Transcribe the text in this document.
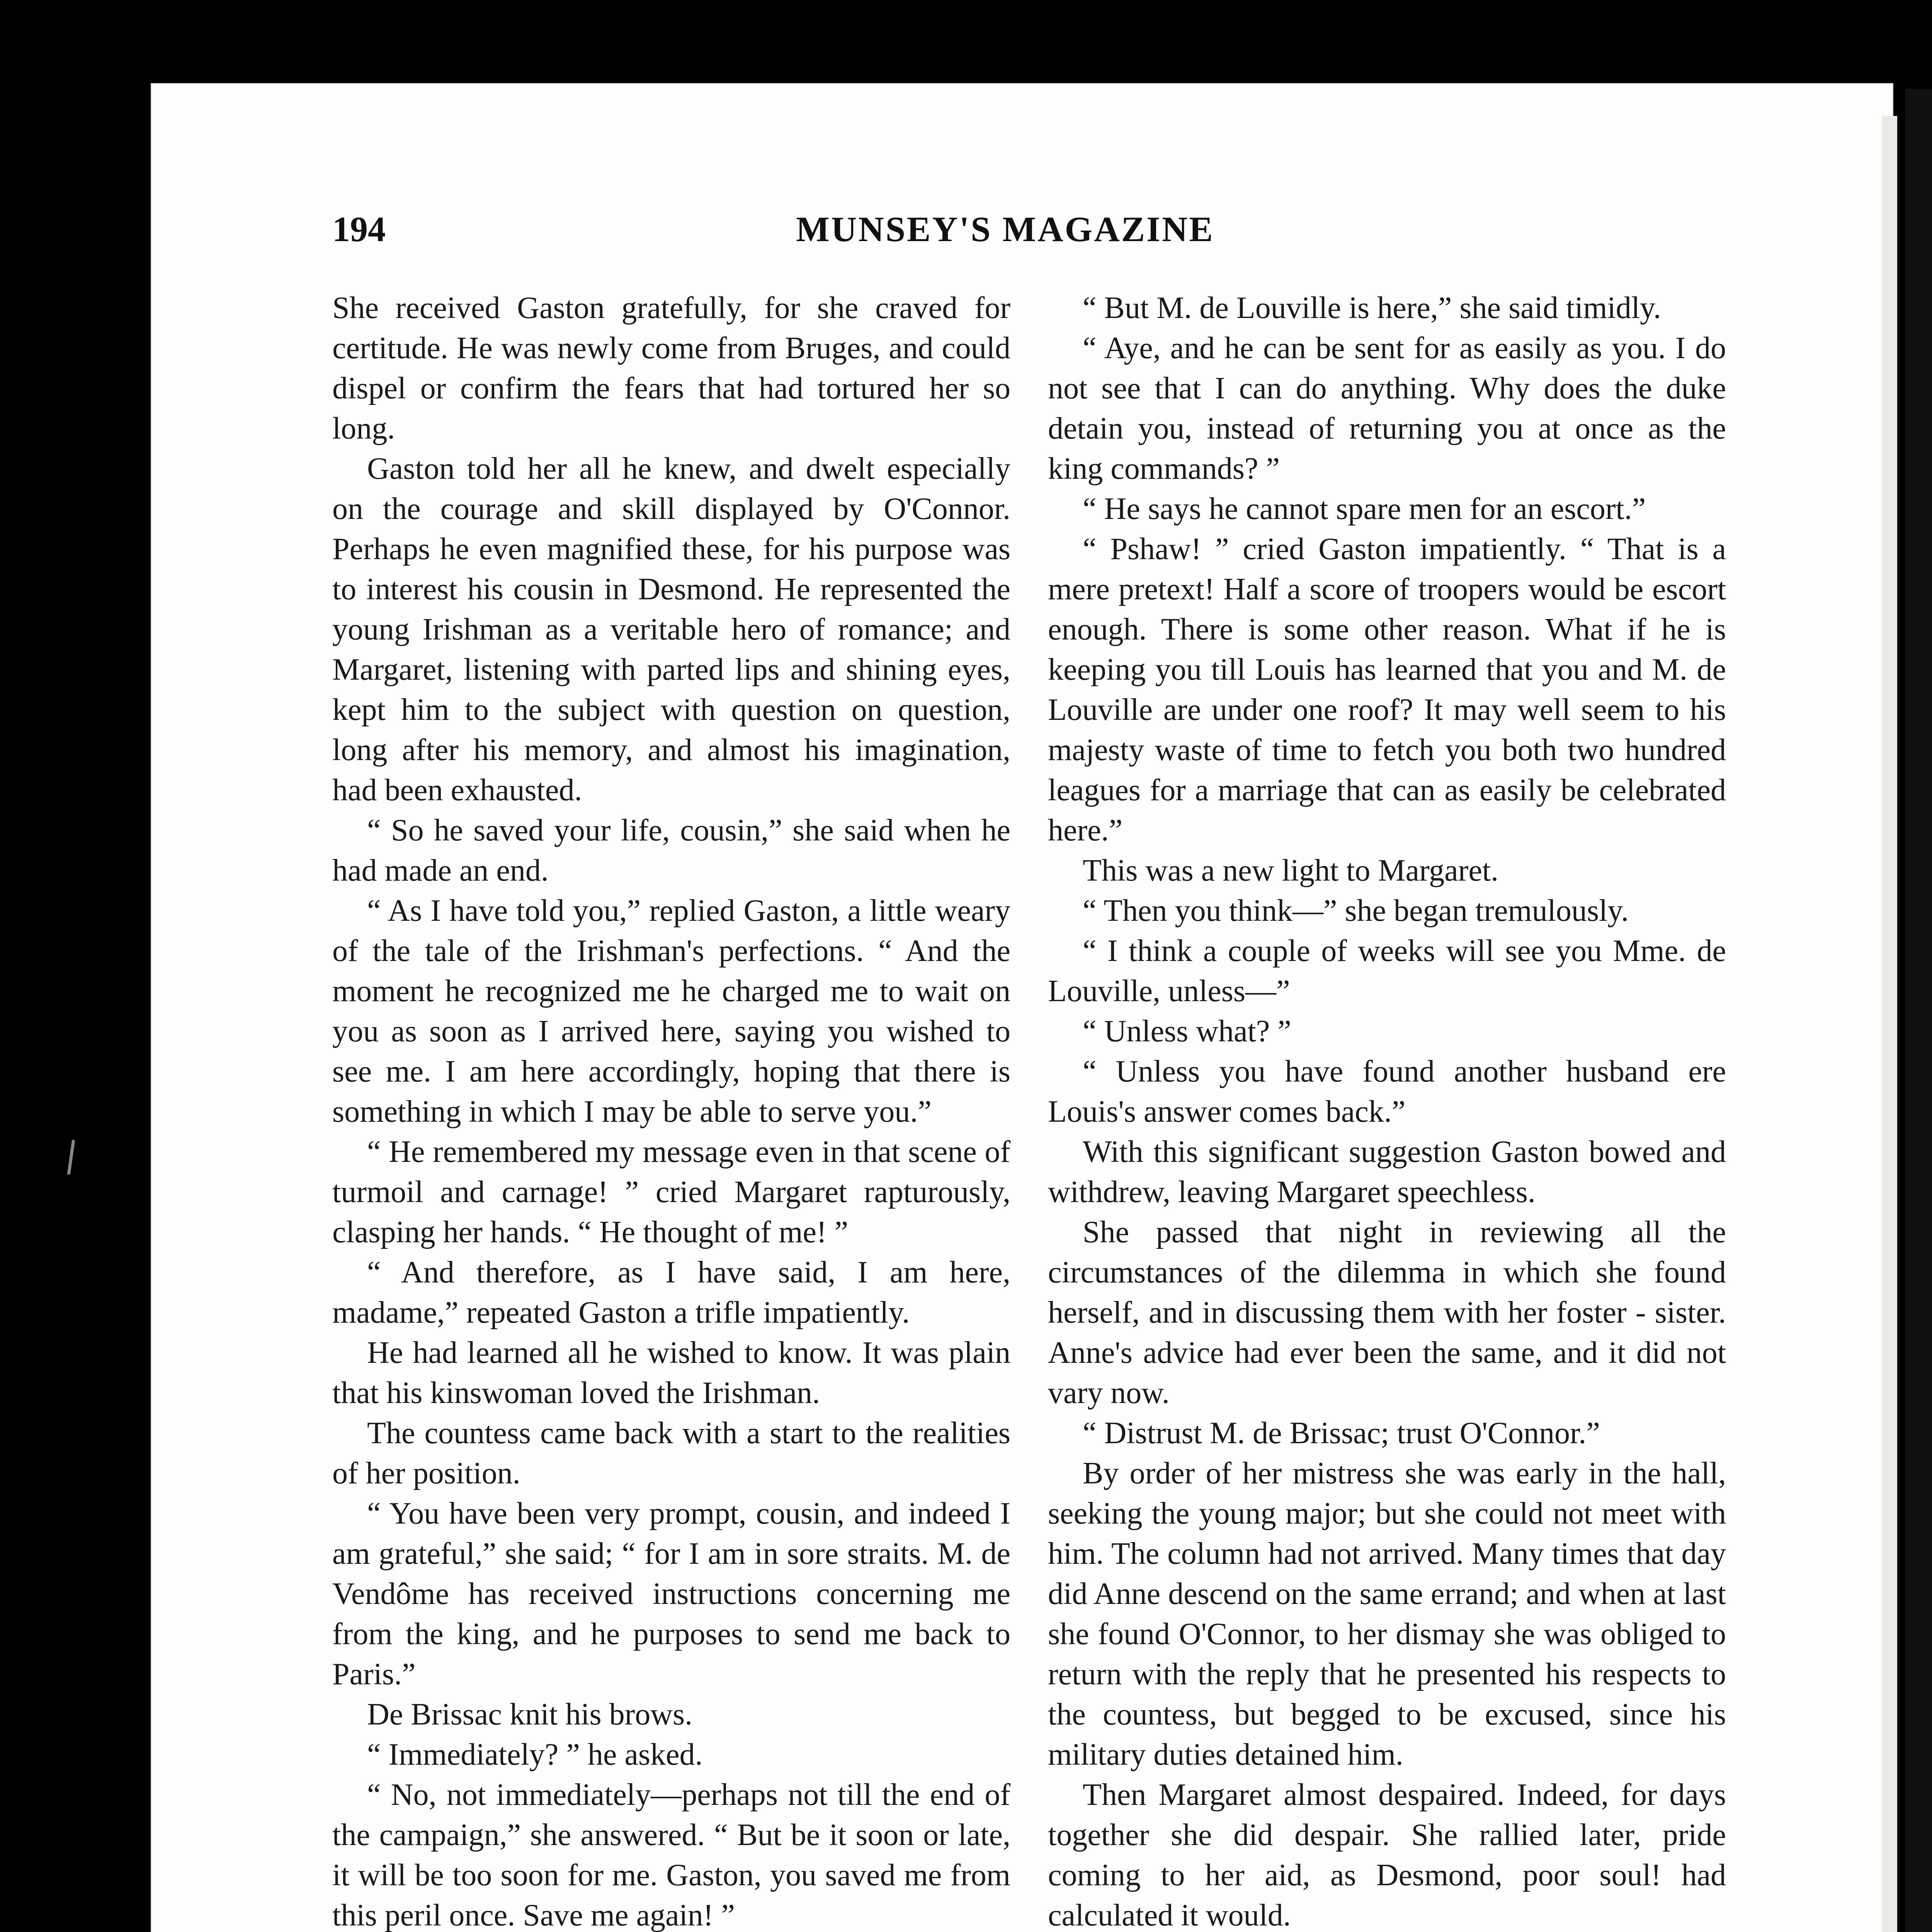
194	MUNSEY'S MAGAZINE

She received Gaston gratefully, for she craved for certitude. He was newly come from Bruges, and could dispel or confirm the fears that had tortured her so long.

Gaston told her all he knew, and dwelt especially on the courage and skill displayed by O'Connor. Perhaps he even magnified these, for his purpose was to interest his cousin in Desmond. He represented the young Irishman as a veritable hero of romance; and Margaret, listening with parted lips and shining eyes, kept him to the subject with question on question, long after his memory, and almost his imagination, had been exhausted.

“ So he saved your life, cousin,” she said when he had made an end.

“ As I have told you,” replied Gaston, a little weary of the tale of the Irishman's perfections. “ And the moment he recognized me he charged me to wait on you as soon as I arrived here, saying you wished to see me. I am here accordingly, hoping that there is something in which I may be able to serve you.”

“ He remembered my message even in that scene of turmoil and carnage! ” cried Margaret rapturously, clasping her hands. “ He thought of me! ”

“ And therefore, as I have said, I am here, madame,” repeated Gaston a trifle impatiently.

He had learned all he wished to know. It was plain that his kinswoman loved the Irishman.

The countess came back with a start to the realities of her position.

“ You have been very prompt, cousin, and indeed I am grateful,” she said; “ for I am in sore straits. M. de Vendôme has received instructions concerning me from the king, and he purposes to send me back to Paris.”

De Brissac knit his brows.

“ Immediately? ” he asked.

“ No, not immediately—perhaps not till the end of the campaign,” she answered. “ But be it soon or late, it will be too soon for me. Gaston, you saved me from this peril once. Save me again! ”

“ But M. de Louville is here,” she said timidly.

“ Aye, and he can be sent for as easily as you. I do not see that I can do anything. Why does the duke detain you, instead of returning you at once as the king commands? ”

“ He says he cannot spare men for an escort.”

“ Pshaw! ” cried Gaston impatiently. “ That is a mere pretext! Half a score of troopers would be escort enough. There is some other reason. What if he is keeping you till Louis has learned that you and M. de Louville are under one roof? It may well seem to his majesty waste of time to fetch you both two hundred leagues for a marriage that can as easily be celebrated here.”

This was a new light to Margaret.

“ Then you think—” she began tremulously.

“ I think a couple of weeks will see you Mme. de Louville, unless—”

“ Unless what? ”

“ Unless you have found another husband ere Louis's answer comes back.”

With this significant suggestion Gaston bowed and withdrew, leaving Margaret speechless.

She passed that night in reviewing all the circumstances of the dilemma in which she found herself, and in discussing them with her foster - sister. Anne's advice had ever been the same, and it did not vary now.

“ Distrust M. de Brissac; trust O'Connor.”

By order of her mistress she was early in the hall, seeking the young major; but she could not meet with him. The column had not arrived. Many times that day did Anne descend on the same errand; and when at last she found O'Connor, to her dismay she was obliged to return with the reply that he presented his respects to the countess, but begged to be excused, since his military duties detained him.

Then Margaret almost despaired. Indeed, for days together she did despair. She rallied later, pride coming to her aid, as Desmond, poor soul! had calculated it would.
